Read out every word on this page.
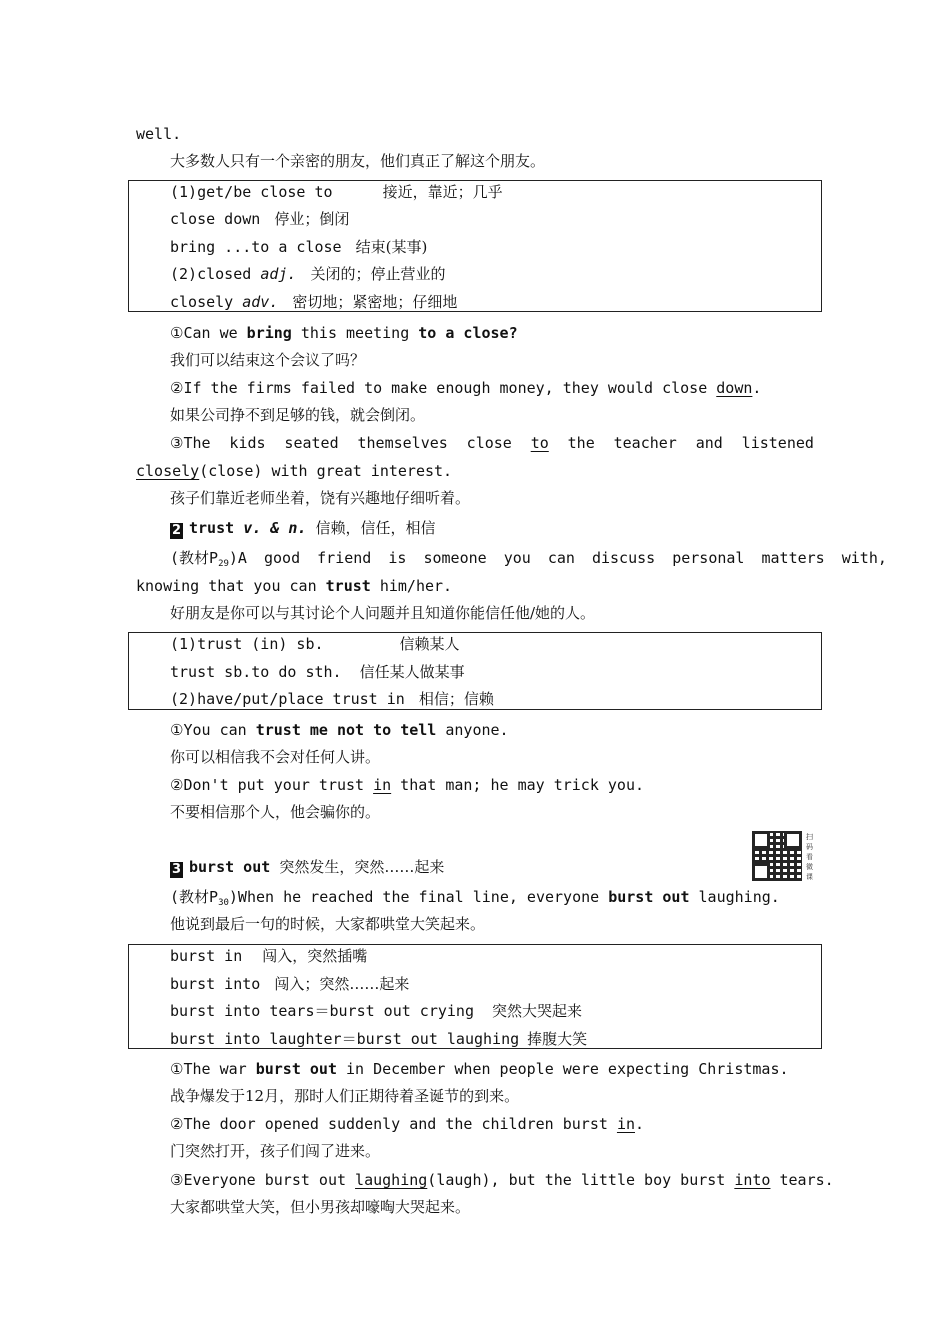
well.
大多数人只有一个亲密的朋友，他们真正了解这个朋友。
(1)get/be close to	接近，靠近；几乎
close down 停业；倒闭
bring ...to a close 结束(某事)
(2)closed adj. 关闭的；停止营业的
closely adv. 密切地；紧密地；仔细地
①Can we bring this meeting to a close?
我们可以结束这个会议了吗？
②If the firms failed to make enough money, they would close down.
如果公司挣不到足够的钱，就会倒闭。
③The kids seated themselves close to the teacher and listened
closely(close) with great interest.
孩子们靠近老师坐着，饶有兴趣地仔细听着。
2 trust v. & n. 信赖，信任，相信
(教材$P_{29}$ )A good friend is someone you can discuss personal matters with,
knowing that you can trust him/her.
好朋友是你可以与其讨论个人问题并且知道你能信任他/她的人。
(1)trust (in) sb.	信赖某人
trust sb.to do sth. 信任某人做某事
(2)have/put/place trust in 相信；信赖
①You can trust me not to tell anyone.
你可以相信我不会对任何人讲。
②Don't put your trust in that man; he may trick you.
不要相信那个人，他会骗你的。
扫码看微课
3 burst out 突然发生，突然……起来
(教材$P_{30})When$ he reached the final line, everyone burst out laughing.
他说到最后一句的时候，大家都哄堂大笑起来。
burst in 闯入，突然插嘴
burst into 闯入；突然……起来
burst into tears＝burst out crying 突然大哭起来
burst into laughter＝burst out laughing 捧腹大笑
①The war burst out in December when people were expecting Christmas.
战争爆发于12月，那时人们正期待着圣诞节的到来。
②The door opened suddenly and the children burst in.
门突然打开，孩子们闯了进来。
③Everyone burst out laughing(laugh), but the little boy burst into tears.
大家都哄堂大笑，但小男孩却嚎啕大哭起来。
